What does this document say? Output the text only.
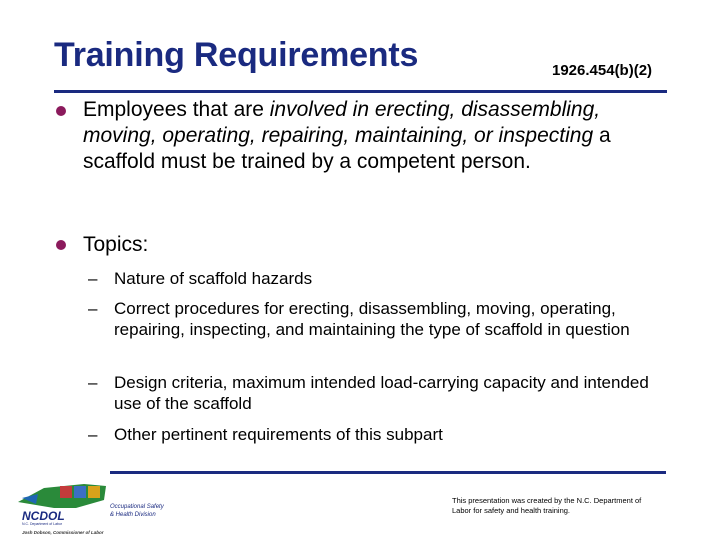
Training Requirements	1926.454(b)(2)
Employees that are involved in erecting, disassembling, moving, operating, repairing, maintaining, or inspecting a scaffold must be trained by a competent person.
Topics:
– Nature of scaffold hazards
– Correct procedures for erecting, disassembling, moving, operating, repairing, inspecting, and maintaining the type of scaffold in question
– Design criteria, maximum intended load-carrying capacity and intended use of the scaffold
– Other pertinent requirements of this subpart
NCDOL
N.C. Department of Labor
Occupational Safety
& Health Division
Josh Dobson, Commissioner of Labor
This presentation was created by the N.C. Department of Labor for safety and health training.
